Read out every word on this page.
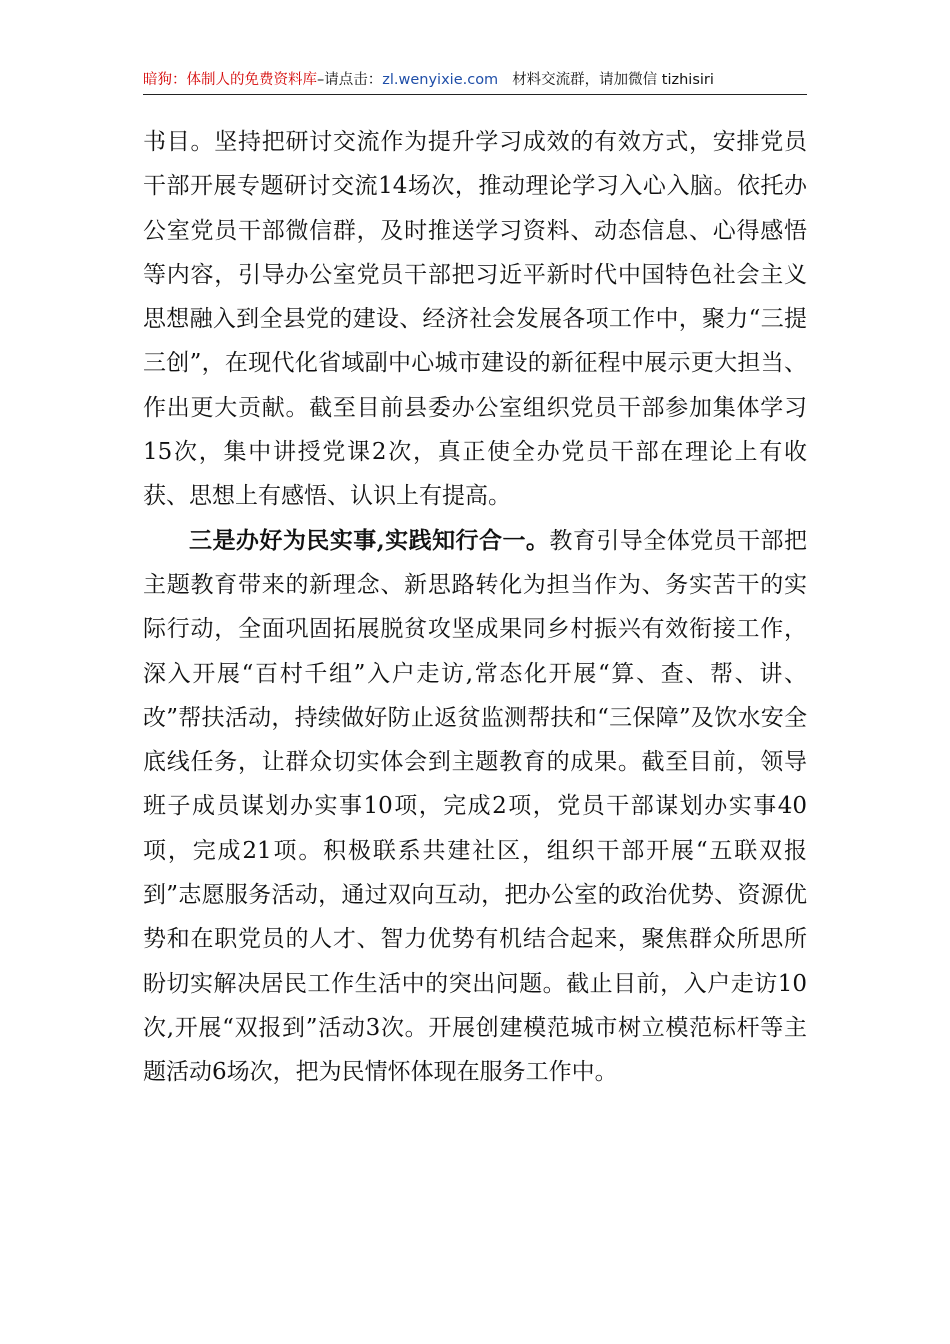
暗狗：体制人的免费资料库–请点击：zl.wenyixie.com 材料交流群，请加微信 tizhisiri

书目。坚持把研讨交流作为提升学习成效的有效方式，安排党员干部开展专题研讨交流14场次，推动理论学习入心入脑。依托办公室党员干部微信群，及时推送学习资料、动态信息、心得感悟等内容，引导办公室党员干部把习近平新时代中国特色社会主义思想融入到全县党的建设、经济社会发展各项工作中，聚力“三提三创”，在现代化省域副中心城市建设的新征程中展示更大担当、作出更大贡献。截至目前县委办公室组织党员干部参加集体学习15次，集中讲授党课2次，真正使全办党员干部在理论上有收获、思想上有感悟、认识上有提高。

三是办好为民实事,实践知行合一。教育引导全体党员干部把主题教育带来的新理念、新思路转化为担当作为、务实苦干的实际行动，全面巩固拓展脱贫攻坚成果同乡村振兴有效衔接工作，深入开展“百村千组”入户走访,常态化开展“算、查、帮、讲、改”帮扶活动，持续做好防止返贫监测帮扶和“三保障”及饮水安全底线任务，让群众切实体会到主题教育的成果。截至目前，领导班子成员谋划办实事10项，完成2项，党员干部谋划办实事40项，完成21项。积极联系共建社区，组织干部开展“五联双报到”志愿服务活动，通过双向互动，把办公室的政治优势、资源优势和在职党员的人才、智力优势有机结合起来，聚焦群众所思所盼切实解决居民工作生活中的突出问题。截止目前，入户走访10次,开展“双报到”活动3次。开展创建模范城市树立模范标杆等主题活动6场次，把为民情怀体现在服务工作中。
